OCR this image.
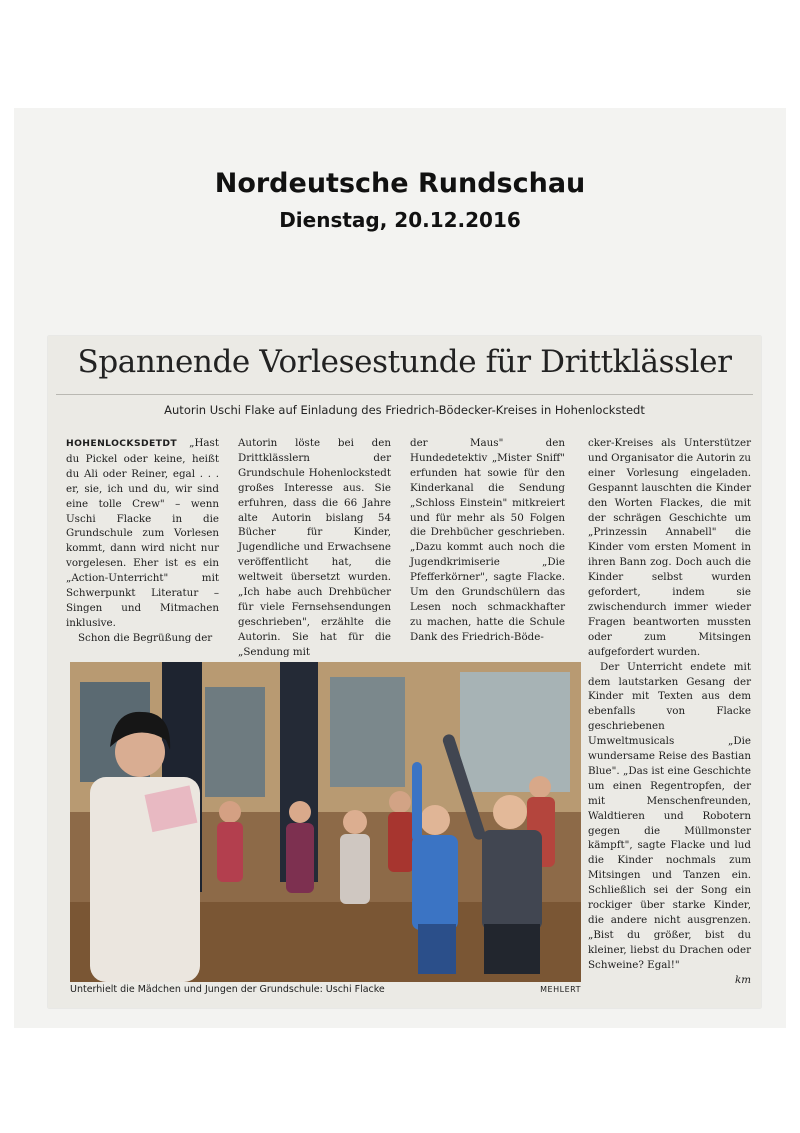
Nordeutsche Rundschau
Dienstag, 20.12.2016
Spannende Vorlesestunde für Drittklässler
Autorin Uschi Flake auf Einladung des Friedrich-Bödecker-Kreises in Hohenlockstedt

HOHENLOCKSDETDT „Hast du Pickel oder keine, heißt du Ali oder Reiner, egal . . . er, sie, ich und du, wir sind eine tolle Crew" – wenn Uschi Flacke in die Grundschule zum Vorlesen kommt, dann wird nicht nur vorgelesen. Eher ist es ein „Action-Unterricht" mit Schwerpunkt Literatur – Singen und Mitmachen inklusive.

Schon die Begrüßung der

Autorin löste bei den Drittklässlern der Grundschule Hohenlockstedt großes Interesse aus. Sie erfuhren, dass die 66 Jahre alte Autorin bislang 54 Bücher für Kinder, Jugendliche und Erwachsene veröffentlicht hat, die weltweit übersetzt wurden. „Ich habe auch Drehbücher für viele Fernsehsendungen geschrieben", erzählte die Autorin. Sie hat für die „Sendung mit

der Maus" den Hundedetektiv „Mister Sniff" erfunden hat sowie für den Kinderkanal die Sendung „Schloss Einstein" mitkreiert und für mehr als 50 Folgen die Drehbücher geschrieben. „Dazu kommt auch noch die Jugendkrimiserie „Die Pfefferkörner", sagte Flacke. Um den Grundschülern das Lesen noch schmackhafter zu machen, hatte die Schule Dank des Friedrich-Böde-

cker-Kreises als Unterstützer und Organisator die Autorin zu einer Vorlesung eingeladen. Gespannt lauschten die Kinder den Worten Flackes, die mit der schrägen Geschichte um „Prinzessin Annabell" die Kinder vom ersten Moment in ihren Bann zog. Doch auch die Kinder selbst wurden gefordert, indem sie zwischendurch immer wieder Fragen beantworten mussten oder zum Mitsingen aufgefordert wurden.

Der Unterricht endete mit dem lautstarken Gesang der Kinder mit Texten aus dem ebenfalls von Flacke geschriebenen Umweltmusicals „Die wundersame Reise des Bastian Blue". „Das ist eine Geschichte um einen Regentropfen, der mit Menschenfreunden, Waldtieren und Robotern gegen die Müllmonster kämpft", sagte Flacke und lud die Kinder nochmals zum Mitsingen und Tanzen ein. Schließlich sei der Song ein rockiger über starke Kinder, die andere nicht ausgrenzen. „Bist du größer, bist du kleiner, liebst du Drachen oder Schweine? Egal!"

km

Unterhielt die Mädchen und Jungen der Grundschule: Uschi Flacke	MEHLERT
